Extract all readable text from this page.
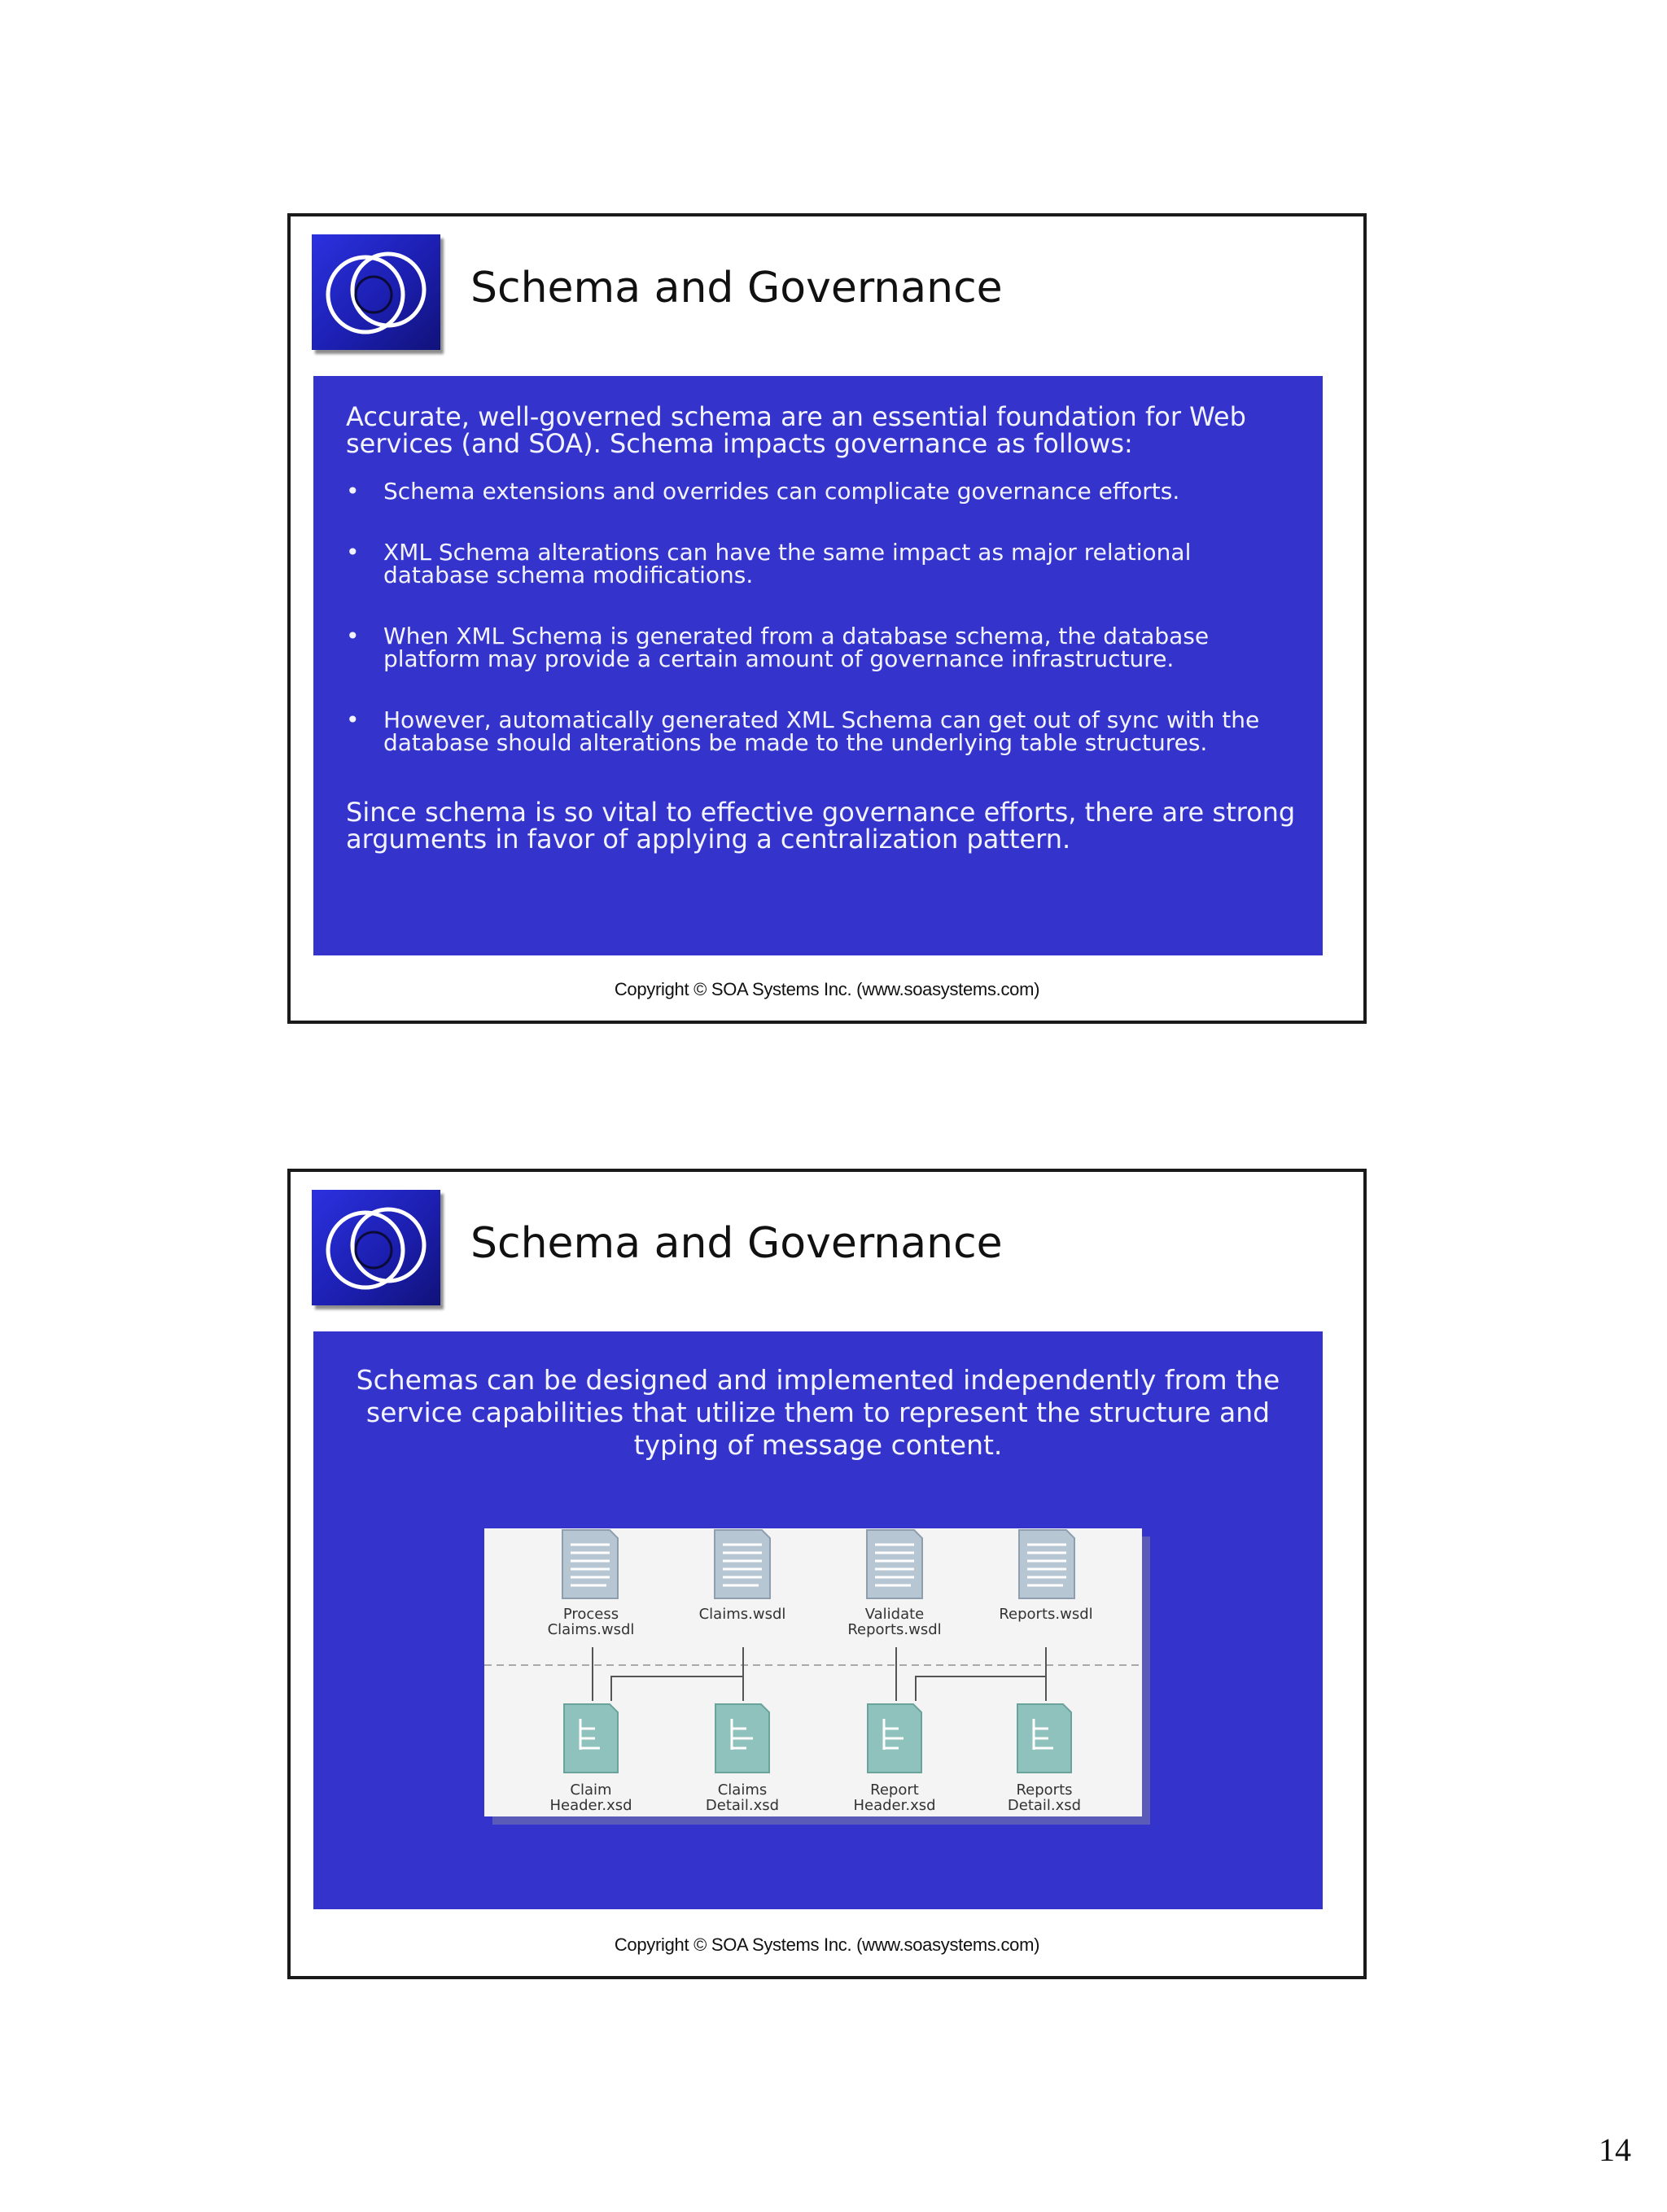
Schema and Governance
Accurate, well-governed schema are an essential foundation for Web services (and SOA). Schema impacts governance as follows:
• Schema extensions and overrides can complicate governance efforts.
• XML Schema alterations can have the same impact as major relational database schema modifications.
• When XML Schema is generated from a database schema, the database platform may provide a certain amount of governance infrastructure.
• However, automatically generated XML Schema can get out of sync with the database should alterations be made to the underlying table structures.
Since schema is so vital to effective governance efforts, there are strong arguments in favor of applying a centralization pattern.
Copyright © SOA Systems Inc. (www.soasystems.com)
Schema and Governance
Schemas can be designed and implemented independently from the service capabilities that utilize them to represent the structure and typing of message content.
Process
Claims.wsdl
Claims.wsdl	Validate
Reports.wsdl
Reports.wsdl
Claim
Header.xsd
Claims
Detail.xsd
Report
Header.xsd
Reports
Detail.xsd
Copyright © SOA Systems Inc. (www.soasystems.com)
14
